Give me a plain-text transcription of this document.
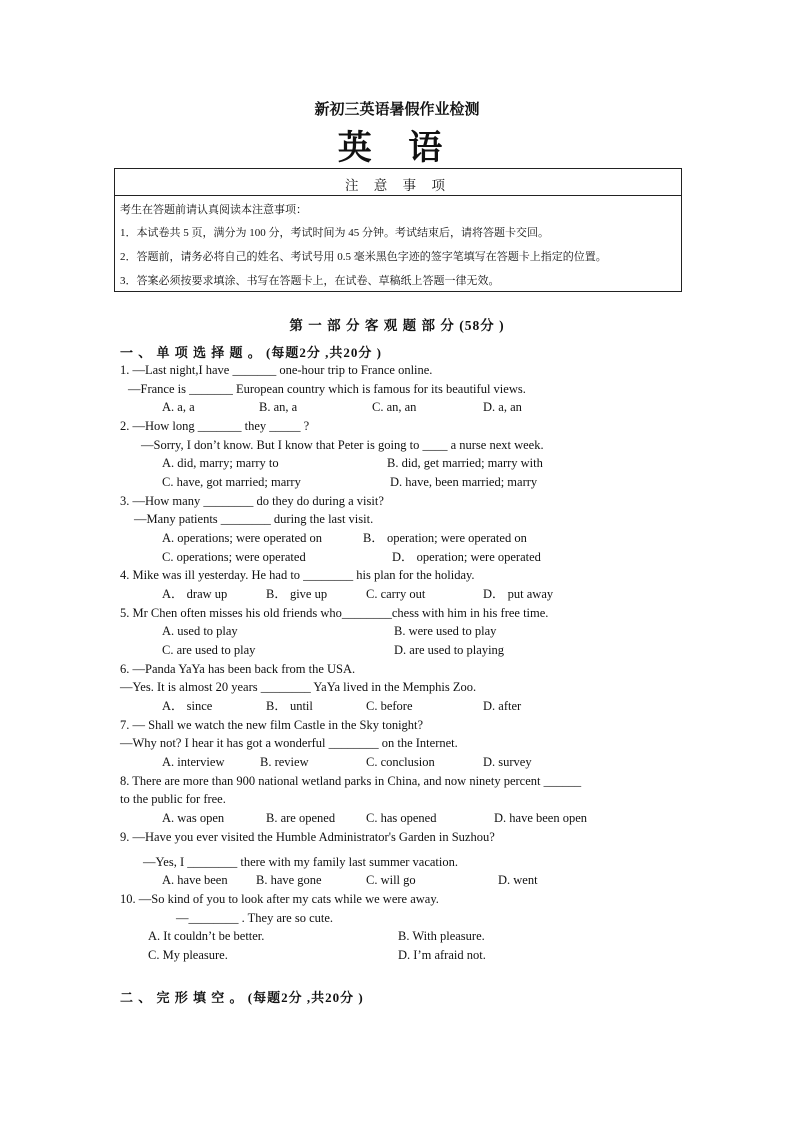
新初三英语暑假作业检测
英 语
注 意 事 项
考生在答题前请认真阅读本注意事项：
1．本试卷共 5 页，满分为 100 分，考试时间为 45 分钟。考试结束后，请将答题卡交回。
2．答题前，请务必将自己的姓名、考试号用 0.5 毫米黑色字迹的签字笔填写在答题卡上指定的位置。
3．答案必须按要求填涂、书写在答题卡上，在试卷、草稿纸上答题一律无效。
第 一 部 分 客 观 题 部 分 (58分 )
一 、 单 项 选 择 题 。 (每题2分 ,共20分 )
1. —Last night,I have _______ one-hour trip to France online.
—France is _______ European country which is famous for its beautiful views.
A. a, a	B. an, a	C. an, an	D. a, an
2. —How long _______ they _____ ?
—Sorry, I don’t know. But I know that Peter is going to ____ a nurse next week.
A. did, marry; marry to	B. did, get married; marry with
C. have, got married; marry	D. have, been married; marry
3. —How many ________ do they do during a visit?
—Many patients ________ during the last visit.
A. operations; were operated on	B． operation; were operated on
C. operations; were operated	D． operation; were operated
4. Mike was ill yesterday. He had to ________ his plan for the holiday.
A． draw up	B． give up	C. carry out	D． put away
5. Mr Chen often misses his old friends who________chess with him in his free time.
A. used to play	B. were used to play
C. are used to play	D. are used to playing
6. —Panda YaYa has been back from the USA.
—Yes. It is almost 20 years ________ YaYa lived in the Memphis Zoo.
A． since	B． until	C. before	D. after
7. — Shall we watch the new film Castle in the Sky tonight?
—Why not? I hear it has got a wonderful ________ on the Internet.
A. interview	B. review	C. conclusion	D. survey
8. There are more than 900 national wetland parks in China, and now ninety percent ______
to the public for free.
A. was open	B. are opened C. has opened	D. have been open
9. —Have you ever visited the Humble Administrator's Garden in Suzhou?
—Yes, I ________ there with my family last summer vacation.
A. have been B. have gone	C. will go	D. went
10. —So kind of you to look after my cats while we were away.
—________ . They are so cute.
A. It couldn’t be better.	B. With pleasure.
C. My pleasure.	D. I’m afraid not.
二 、 完 形 填 空 。 (每题2分 ,共20分 )
